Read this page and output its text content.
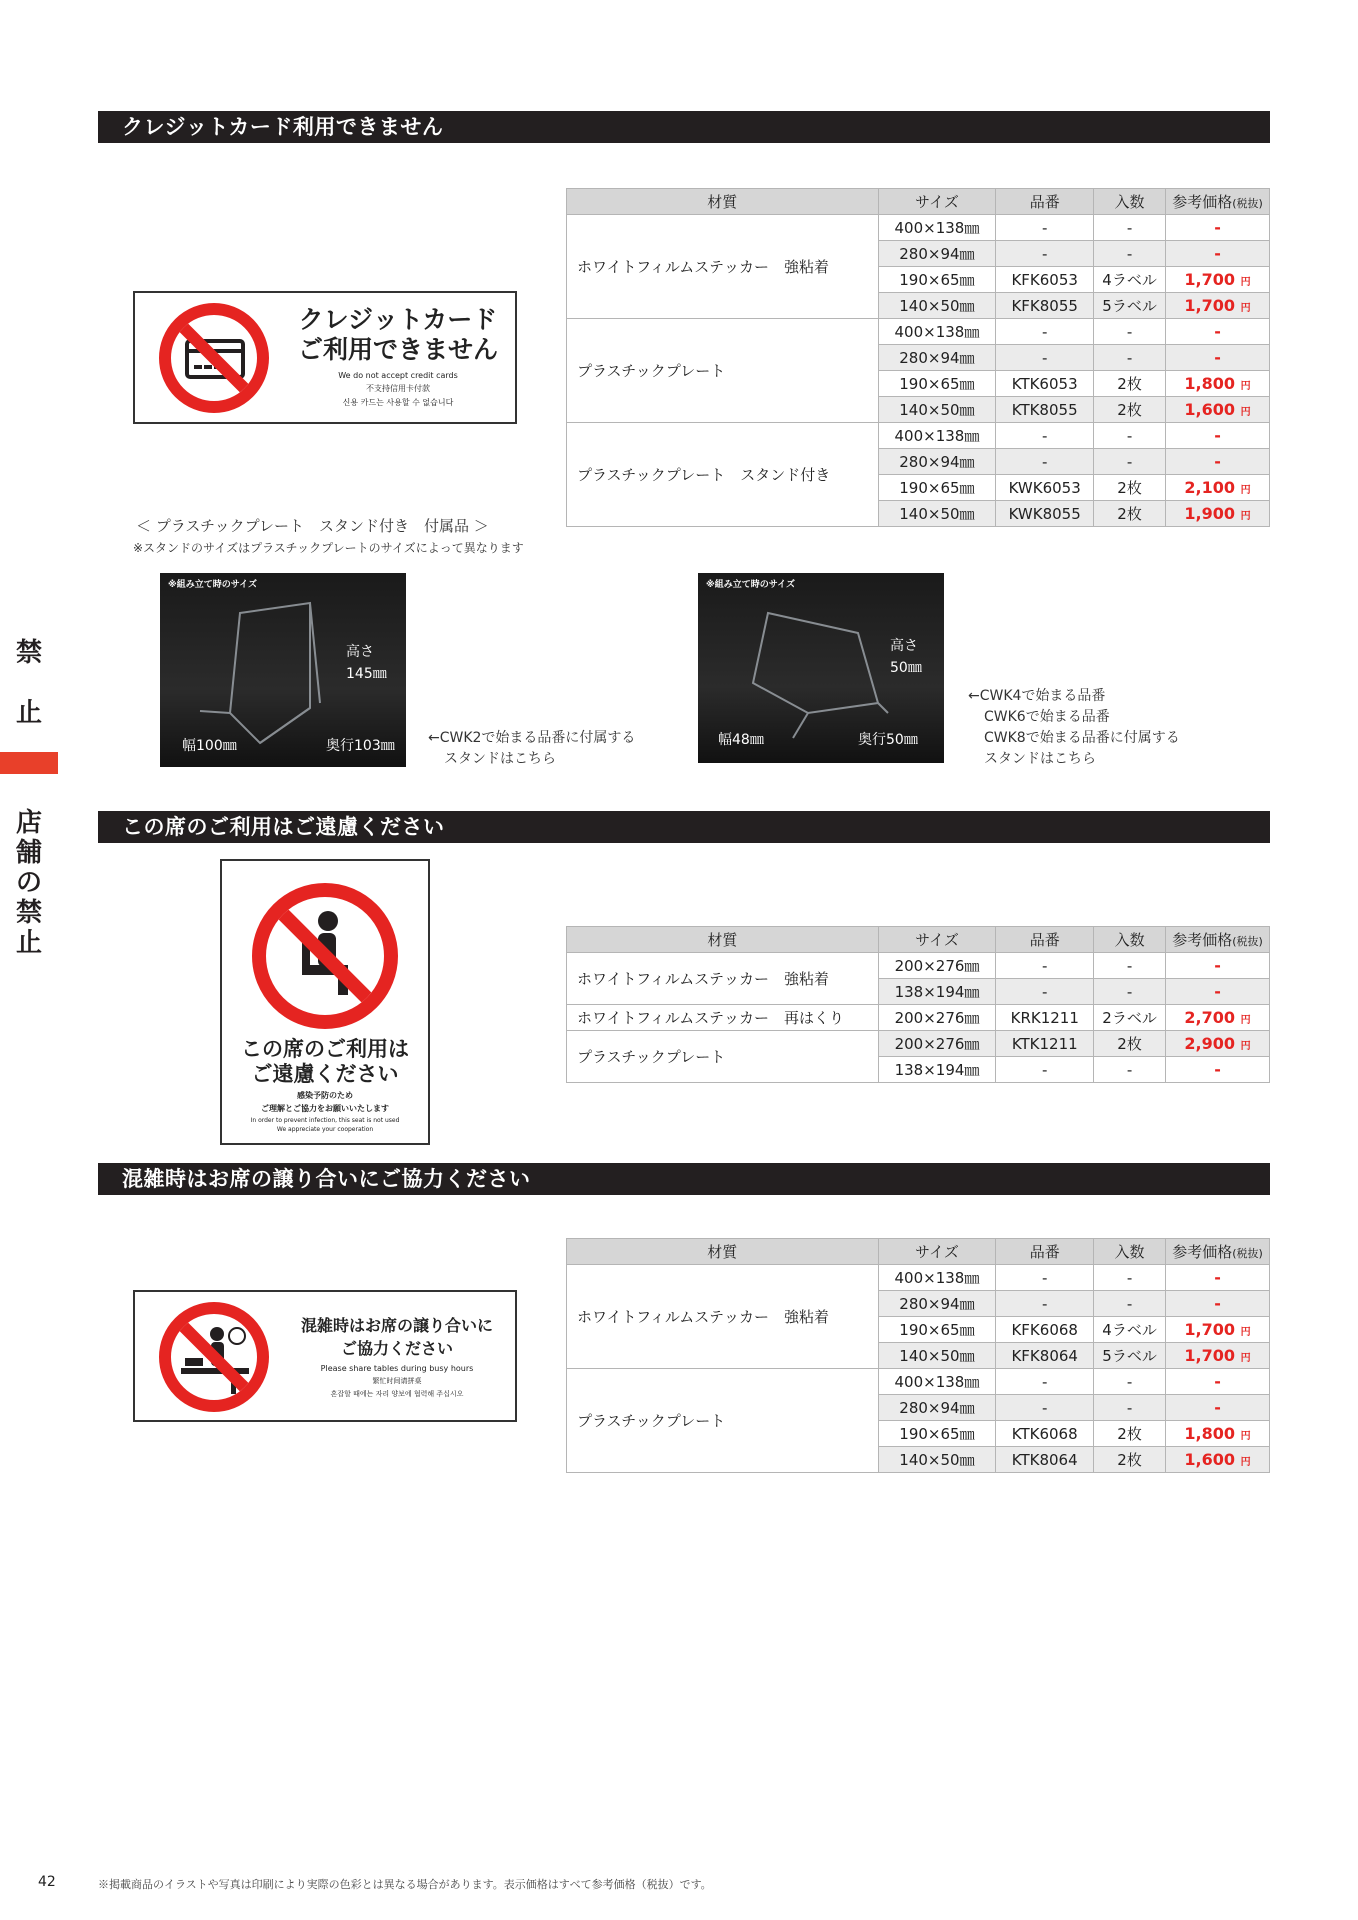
禁
止
店舗の禁止
クレジットカード利用できません
クレジットカード
ご利用できません
We do not accept credit cards
不支持信用卡付款
신용 카드는 사용할 수 없습니다
材質	サイズ	品番	入数	参考価格(税抜)
ホワイトフィルムステッカー　強粘着	400×138㎜	-	-	-
	280×94㎜	-	-	-
	190×65㎜	KFK6053	4ラベル	1,700 円
	140×50㎜	KFK8055	5ラベル	1,700 円
プラスチックプレート	400×138㎜	-	-	-
	280×94㎜	-	-	-
	190×65㎜	KTK6053	2枚	1,800 円
	140×50㎜	KTK8055	2枚	1,600 円
プラスチックプレート　スタンド付き	400×138㎜	-	-	-
	280×94㎜	-	-	-
	190×65㎜	KWK6053	2枚	2,100 円
	140×50㎜	KWK8055	2枚	1,900 円
＜ プラスチックプレート　スタンド付き　付属品 ＞
※スタンドのサイズはプラスチックプレートのサイズによって異なります
※組み立て時のサイズ
高さ
145㎜
幅100㎜	奥行103㎜ ←CWK2で始まる品番に付属する
スタンドはこちら
※組み立て時のサイズ
高さ
50㎜
幅48㎜	奥行50㎜
←CWK4で始まる品番
CWK6で始まる品番
CWK8で始まる品番に付属する
スタンドはこちら
この席のご利用はご遠慮ください
この席のご利用は
ご遠慮ください
感染予防のため
ご理解とご協力をお願いいたします
In order to prevent infection, this seat is not used
We appreciate your cooperation
材質	サイズ	品番	入数	参考価格(税抜)
ホワイトフィルムステッカー　強粘着	200×276㎜	-	-	-
	138×194㎜	-	-	-
ホワイトフィルムステッカー　再はくり	200×276㎜	KRK1211	2ラベル	2,700 円
プラスチックプレート	200×276㎜	KTK1211	2枚	2,900 円
	138×194㎜	-	-	-
混雑時はお席の譲り合いにご協力ください
混雑時はお席の譲り合いに
ご協力ください
Please share tables during busy hours
繁忙时间请拼桌
혼잡할 때에는 자리 양보에 협력해 주십시오
材質	サイズ	品番	入数	参考価格(税抜)
ホワイトフィルムステッカー　強粘着	400×138㎜	-	-	-
	280×94㎜	-	-	-
	190×65㎜	KFK6068	4ラベル	1,700 円
	140×50㎜	KFK8064	5ラベル	1,700 円
プラスチックプレート	400×138㎜	-	-	-
	280×94㎜	-	-	-
	190×65㎜	KTK6068	2枚	1,800 円
	140×50㎜	KTK8064	2枚	1,600 円
42	※掲載商品のイラストや写真は印刷により実際の色彩とは異なる場合があります。表示価格はすべて参考価格（税抜）です。
